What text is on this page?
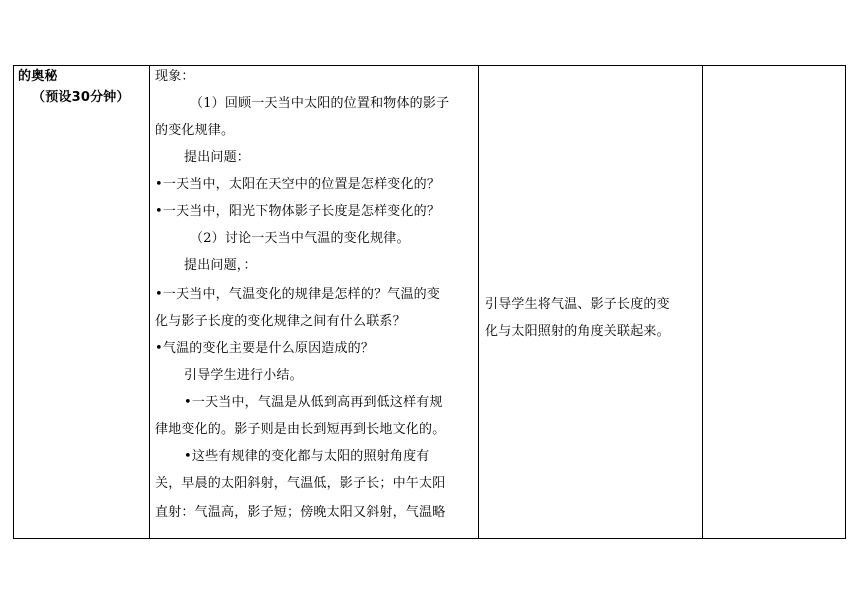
的奥秘
（预设30分钟）
现象：
（1）回顾一天当中太阳的位置和物体的影子
的变化规律。
提出问题：
•一天当中，太阳在天空中的位置是怎样变化的？
•一天当中，阳光下物体影子长度是怎样变化的？
（2）讨论一天当中气温的变化规律。
提出问题，：
•一天当中，气温变化的规律是怎样的？气温的变
化与影子长度的变化规律之间有什么联系？
•气温的变化主要是什么原因造成的？
引导学生进行小结。
•一天当中，气温是从低到高再到低这样有规
律地变化的。影子则是由长到短再到长地文化的。
•这些有规律的变化都与太阳的照射角度有
关，早晨的太阳斜射，气温低，影子长；中午太阳
直射：气温高，影子短；傍晚太阳又斜射，气温略
引导学生将气温、影子长度的变
化与太阳照射的角度关联起来。
